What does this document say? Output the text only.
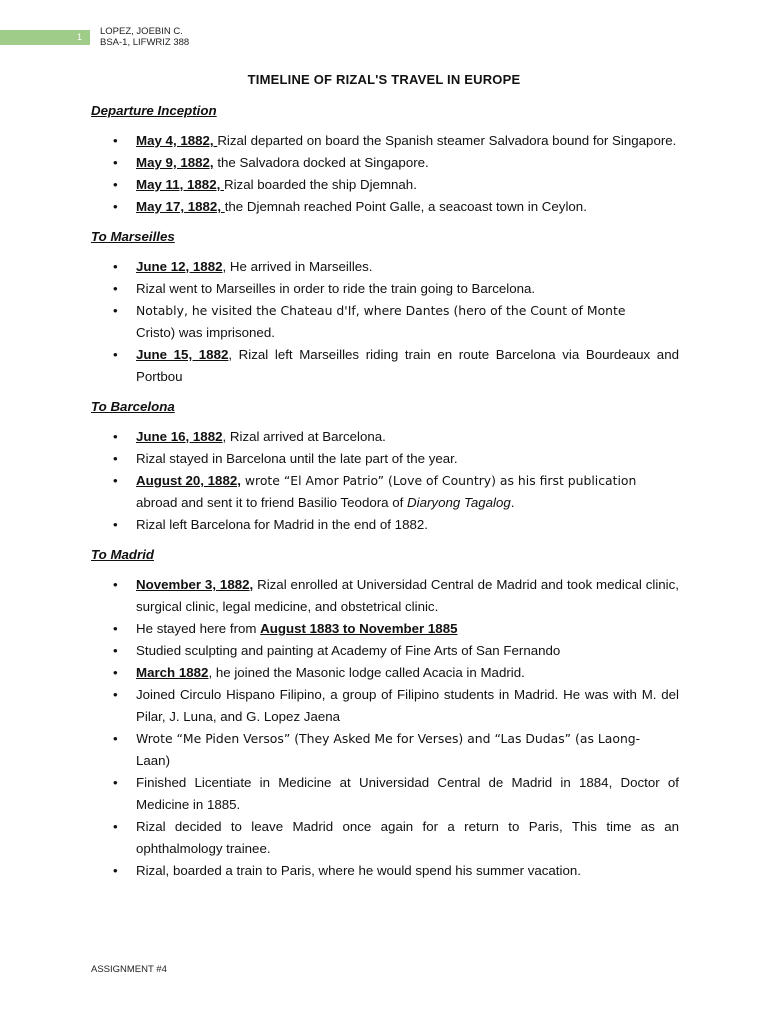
1 LOPEZ, JOEBIN C.
BSA-1, LIFWRIZ 388
TIMELINE OF RIZAL'S TRAVEL IN EUROPE
Departure Inception
• May 4, 1882, Rizal departed on board the Spanish steamer Salvadora bound for Singapore.
• May 9, 1882, the Salvadora docked at Singapore.
• May 11, 1882, Rizal boarded the ship Djemnah.
• May 17, 1882, the Djemnah reached Point Galle, a seacoast town in Ceylon.
To Marseilles
• June 12, 1882, He arrived in Marseilles.
• Rizal went to Marseilles in order to ride the train going to Barcelona.
• Notably, he visited the Chateau d'If, where Dantes (hero of the Count of Monte
Cristo) was imprisoned.
• June 15, 1882, Rizal left Marseilles riding train en route Barcelona via Bourdeaux and Portbou
To Barcelona
• June 16, 1882, Rizal arrived at Barcelona.
• Rizal stayed in Barcelona until the late part of the year.
• August 20, 1882, wrote “El Amor Patrio” (Love of Country) as his first publication
abroad and sent it to friend Basilio Teodora of Diaryong Tagalog.
• Rizal left Barcelona for Madrid in the end of 1882.
To Madrid
• November 3, 1882, Rizal enrolled at Universidad Central de Madrid and took medical clinic, surgical clinic, legal medicine, and obstetrical clinic.
• He stayed here from August 1883 to November 1885
• Studied sculpting and painting at Academy of Fine Arts of San Fernando
• March 1882, he joined the Masonic lodge called Acacia in Madrid.
• Joined Circulo Hispano Filipino, a group of Filipino students in Madrid. He was with M. del Pilar, J. Luna, and G. Lopez Jaena
• Wrote “Me Piden Versos” (They Asked Me for Verses) and “Las Dudas” (as Laong-
Laan)
• Finished Licentiate in Medicine at Universidad Central de Madrid in 1884, Doctor of Medicine in 1885.
• Rizal decided to leave Madrid once again for a return to Paris, This time as an ophthalmology trainee.
• Rizal, boarded a train to Paris, where he would spend his summer vacation.
ASSIGNMENT #4
